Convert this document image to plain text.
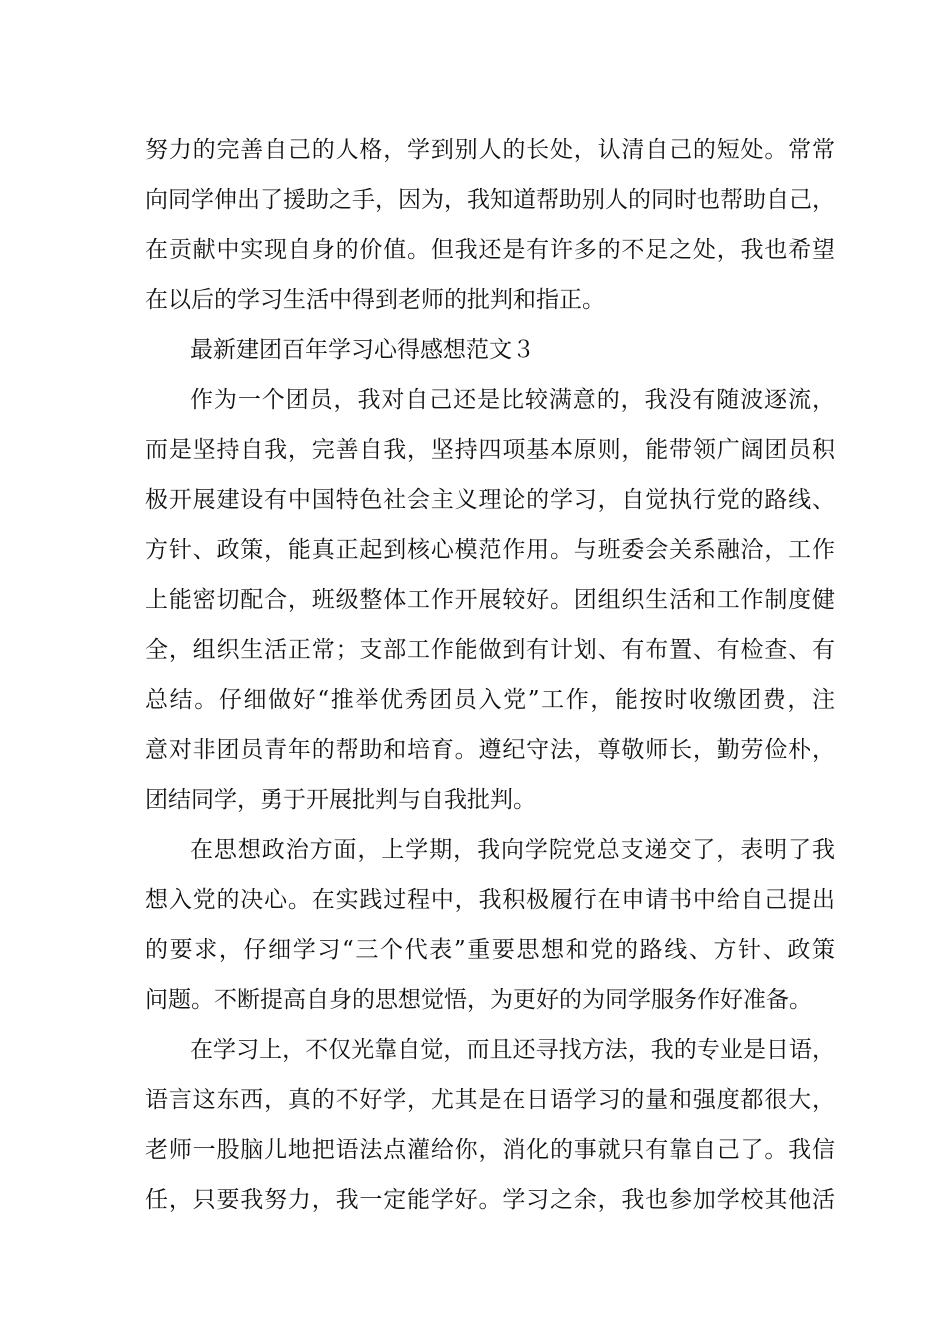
努力的完善自己的人格，学到别人的长处，认清自己的短处。常常
向同学伸出了援助之手，因为，我知道帮助别人的同时也帮助自己，
在贡献中实现自身的价值。但我还是有许多的不足之处，我也希望
在以后的学习生活中得到老师的批判和指正。
最新建团百年学习心得感想范文３
作为一个团员，我对自己还是比较满意的，我没有随波逐流，
而是坚持自我，完善自我，坚持四项基本原则，能带领广阔团员积
极开展建设有中国特色社会主义理论的学习，自觉执行党的路线、
方针、政策，能真正起到核心模范作用。与班委会关系融洽，工作
上能密切配合，班级整体工作开展较好。团组织生活和工作制度健
全，组织生活正常；支部工作能做到有计划、有布置、有检查、有
总结。仔细做好“推举优秀团员入党”工作，能按时收缴团费，注
意对非团员青年的帮助和培育。遵纪守法，尊敬师长，勤劳俭朴，
团结同学，勇于开展批判与自我批判。
在思想政治方面，上学期，我向学院党总支递交了，表明了我
想入党的决心。在实践过程中，我积极履行在申请书中给自己提出
的要求，仔细学习“三个代表”重要思想和党的路线、方针、政策
问题。不断提高自身的思想觉悟，为更好的为同学服务作好准备。
在学习上，不仅光靠自觉，而且还寻找方法，我的专业是日语，
语言这东西，真的不好学，尤其是在日语学习的量和强度都很大，
老师一股脑儿地把语法点灌给你，消化的事就只有靠自己了。我信
任，只要我努力，我一定能学好。学习之余，我也参加学校其他活
